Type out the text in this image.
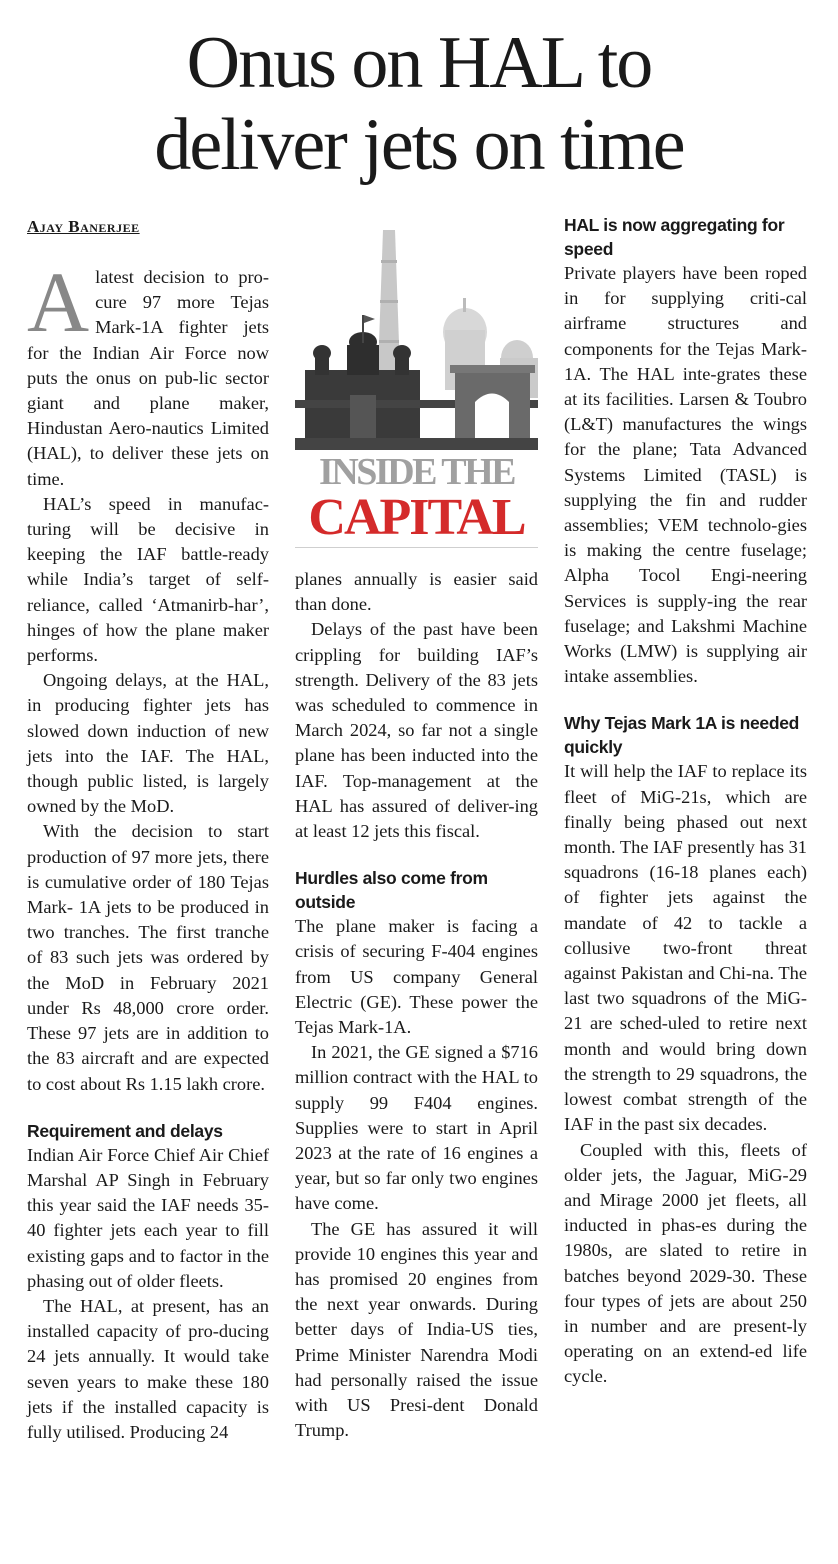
Onus on HAL to
deliver jets on time
Ajay Banerjee

A latest decision to pro-cure 97 more Tejas Mark-1A fighter jets for the Indian Air Force now puts the onus on pub-lic sector giant and plane maker, Hindustan Aero-nautics Limited (HAL), to deliver these jets on time.

HAL’s speed in manufac-turing will be decisive in keeping the IAF battle-ready while India’s target of self-reliance, called ‘Atmanirb-har’, hinges of how the plane maker performs.

Ongoing delays, at the HAL, in producing fighter jets has slowed down induction of new jets into the IAF. The HAL, though public listed, is largely owned by the MoD.

With the decision to start production of 97 more jets, there is cumulative order of 180 Tejas Mark- 1A jets to be produced in two tranches. The first tranche of 83 such jets was ordered by the MoD in February 2021 under Rs 48,000 crore order. These 97 jets are in addition to the 83 aircraft and are expected to cost about Rs 1.15 lakh crore.

Requirement and delays

Indian Air Force Chief Air Chief Marshal AP Singh in February this year said the IAF needs 35-40 fighter jets each year to fill existing gaps and to factor in the phasing out of older fleets.

The HAL, at present, has an installed capacity of pro-ducing 24 jets annually. It would take seven years to make these 180 jets if the installed capacity is fully utilised. Producing 24

INSIDE THE
CAPITAL

planes annually is easier said than done.

Delays of the past have been crippling for building IAF’s strength. Delivery of the 83 jets was scheduled to commence in March 2024, so far not a single plane has been inducted into the IAF. Top-management at the HAL has assured of deliver-ing at least 12 jets this fiscal.

Hurdles also come from outside

The plane maker is facing a crisis of securing F-404 engines from US company General Electric (GE). These power the Tejas Mark-1A.

In 2021, the GE signed a $716 million contract with the HAL to supply 99 F404 engines. Supplies were to start in April 2023 at the rate of 16 engines a year, but so far only two engines have come.

The GE has assured it will provide 10 engines this year and has promised 20 engines from the next year onwards. During better days of India-US ties, Prime Minister Narendra Modi had personally raised the issue with US Presi-dent Donald Trump.

HAL is now aggregating for speed

Private players have been roped in for supplying criti-cal airframe structures and components for the Tejas Mark-1A. The HAL inte-grates these at its facilities. Larsen & Toubro (L&T) manufactures the wings for the plane; Tata Advanced Systems Limited (TASL) is supplying the fin and rudder assemblies; VEM technolo-gies is making the centre fuselage; Alpha Tocol Engi-neering Services is supply-ing the rear fuselage; and Lakshmi Machine Works (LMW) is supplying air intake assemblies.

Why Tejas Mark 1A is needed quickly

It will help the IAF to replace its fleet of MiG-21s, which are finally being phased out next month. The IAF presently has 31 squadrons (16-18 planes each) of fighter jets against the mandate of 42 to tackle a collusive two-front threat against Pakistan and Chi-na. The last two squadrons of the MiG-21 are sched-uled to retire next month and would bring down the strength to 29 squadrons, the lowest combat strength of the IAF in the past six decades.

Coupled with this, fleets of older jets, the Jaguar, MiG-29 and Mirage 2000 jet fleets, all inducted in phas-es during the 1980s, are slated to retire in batches beyond 2029-30. These four types of jets are about 250 in number and are present-ly operating on an extend-ed life cycle.
